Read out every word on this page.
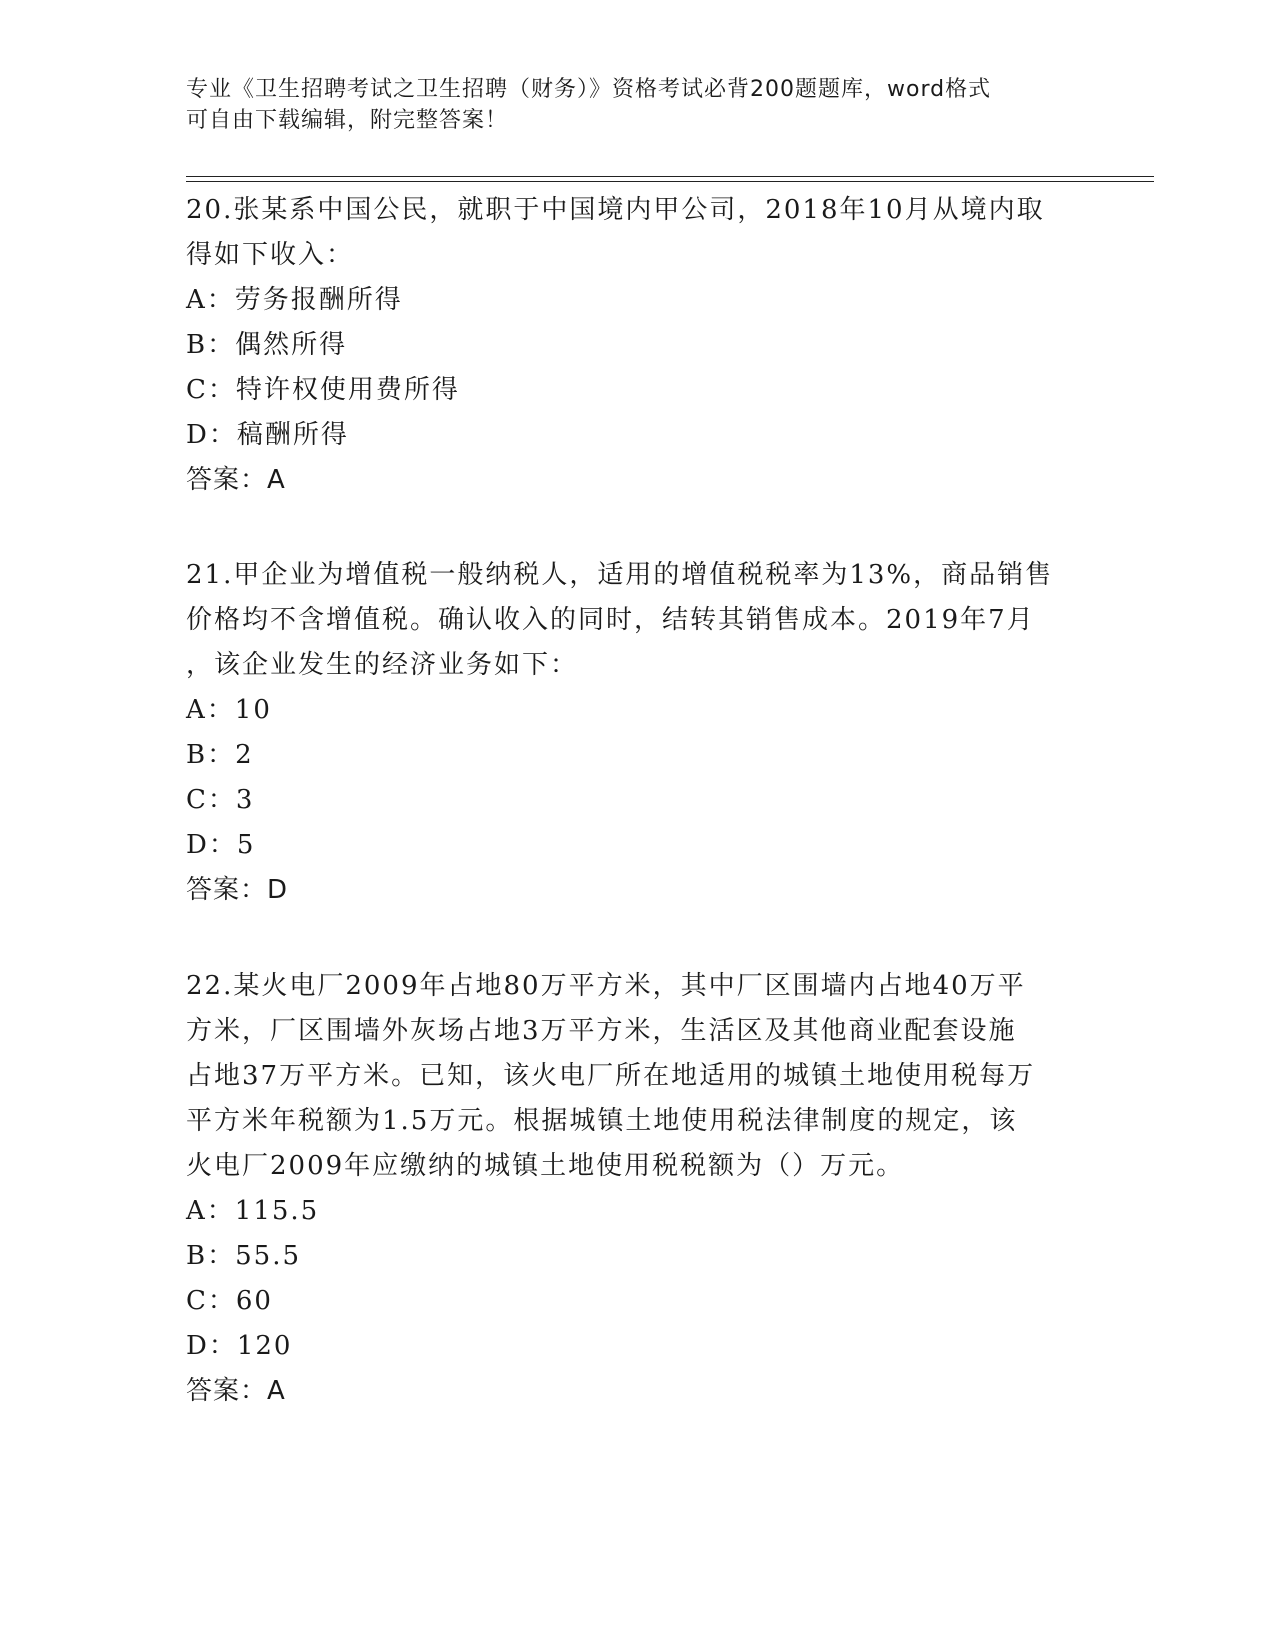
专业《卫生招聘考试之卫生招聘（财务）》资格考试必背200题题库，word格式
可自由下载编辑，附完整答案！
20.张某系中国公民，就职于中国境内甲公司，2018年10月从境内取
得如下收入：
A：劳务报酬所得
B：偶然所得
C：特许权使用费所得
D：稿酬所得
答案：A
21.甲企业为增值税一般纳税人，适用的增值税税率为13%，商品销售
价格均不含增值税。确认收入的同时，结转其销售成本。2019年7月
，该企业发生的经济业务如下：
A：10
B：2
C：3
D：5
答案：D
22.某火电厂2009年占地80万平方米，其中厂区围墙内占地40万平
方米，厂区围墙外灰场占地3万平方米，生活区及其他商业配套设施
占地37万平方米。已知，该火电厂所在地适用的城镇土地使用税每万
平方米年税额为1.5万元。根据城镇土地使用税法律制度的规定，该
火电厂2009年应缴纳的城镇土地使用税税额为（）万元。
A：115.5
B：55.5
C：60
D：120
答案：A
